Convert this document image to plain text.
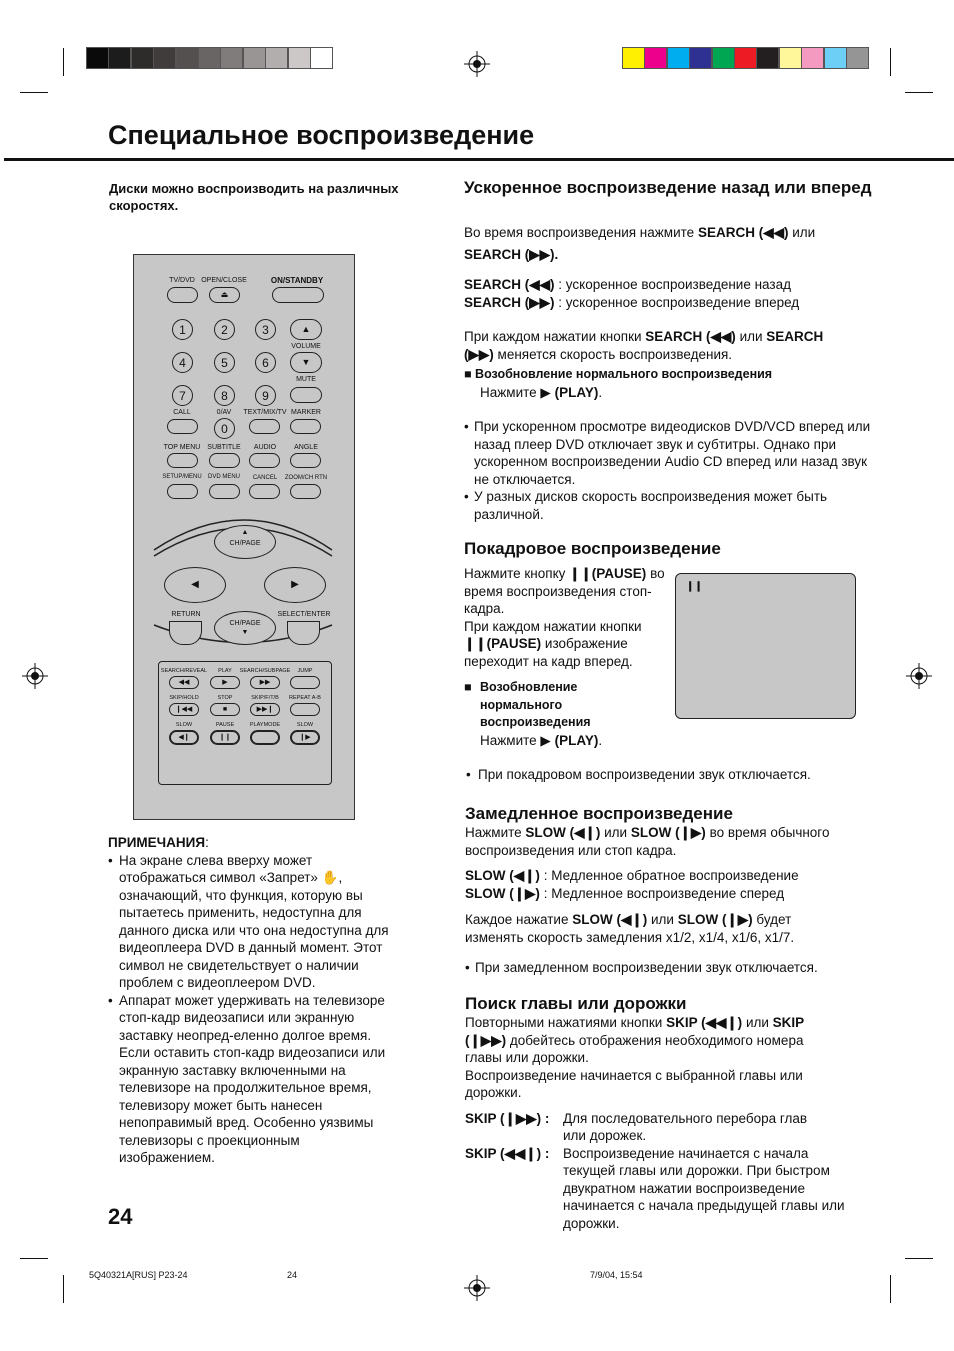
Специальное воспроизведение
Диски можно воспроизводить на различных скоростях.
TV/DVD OPEN/CLOSE	ON/STANDBY
⏏
1	2	3	▲
VOLUME
4	5	6	▼
MUTE
7	8	9
CALL	0/AV TEXT/MIX/TV MARKER
0
TOP MENU SUBTITLE AUDIO	ANGLE
SETUP/MENU DVD MENU CANCEL ZOOM/CH RTN
▲
CH/PAGE
◀	▶
RETURN	SELECT/ENTER
CH/PAGE
▼
SEARCH/REVEAL PLAY SEARCH/SUBPAGE JUMP
◀◀	▶	▶▶
SKIP/HOLD	STOP	SKIP/F/T/B REPEAT A-B
❙◀◀	■	▶▶❙
SLOW	PAUSE	PLAYMODE	SLOW
◀❙	❙❙	❙▶
ПРИМЕЧАНИЯ:
• На экране слева вверху может отображаться символ «Запрет» ✋, означающий, что функция, которую вы пытаетесь применить, недоступна для данного диска или что она недоступна для видеоплеера DVD в данный момент. Этот символ не свидетельствует о наличии проблем с видеоплеером DVD.
• Аппарат может удерживать на телевизоре стоп-кадр видеозаписи или экранную заставку неопред-еленно долгое время. Если оставить стоп-кадр видеозаписи или экранную заставку включенными на телевизоре на продолжительное время, телевизору может быть нанесен непоправимый вред. Особенно уязвимы телевизоры с проекционным изображением.
24
5Q40321A[RUS] P23-24	24	7/9/04, 15:54
Ускоренное воспроизведение назад или вперед
Во время воспроизведения нажмите SEARCH (◀◀) или
SEARCH (▶▶).
SEARCH (◀◀) : ускоренное воспроизведение назад
SEARCH (▶▶) : ускоренное воспроизведение вперед
При каждом нажатии кнопки SEARCH (◀◀) или SEARCH
(▶▶) меняется скорость воспроизведения.
■ Возобновление нормального воспроизведения
Нажмите ▶ (PLAY).
• При ускоренном просмотре видеодисков DVD/VCD вперед или назад плеер DVD отключает звук и субтитры. Однако при ускоренном воспроизведении Audio CD вперед или назад звук не отключается.
• У разных дисков скорость воспроизведения может быть различной.
Покадровое воспроизведение
Нажмите кнопку ❙❙(PAUSE) во время воспроизведения стоп-кадра.
При каждом нажатии кнопки ❙❙(PAUSE) изображение переходит на кадр вперед.
■ Возобновление нормального воспроизведения
Нажмите ▶ (PLAY).
❙❙
• При покадровом воспроизведении звук отключается.
Замедленное воспроизведение
Нажмите SLOW (◀❙) или SLOW (❙▶) во время обычного
воспроизведения или стоп кадра.
SLOW (◀❙) : Медленное обратное воспроизведение
SLOW (❙▶) : Медленное воспроизведение сперед
Каждое нажатие SLOW (◀❙) или SLOW (❙▶) будет
изменять скорость замедления x1/2, x1/4, x1/6, x1/7.
• При замедленном воспроизведении звук отключается.
Поиск главы или дорожки
Повторными нажатиями кнопки SKIP (◀◀❙) или SKIP
(❙▶▶) добейтесь отображения необходимого номера
главы или дорожки.
Воспроизведение начинается с выбранной главы или дорожки.
SKIP (❙▶▶) :	Для последовательного перебора глав или дорожек.
SKIP (◀◀❙) :	Воспроизведение начинается с начала текущей главы или дорожки. При быстром двукратном нажатии воспроизведение начинается с начала предыдущей главы или дорожки.
